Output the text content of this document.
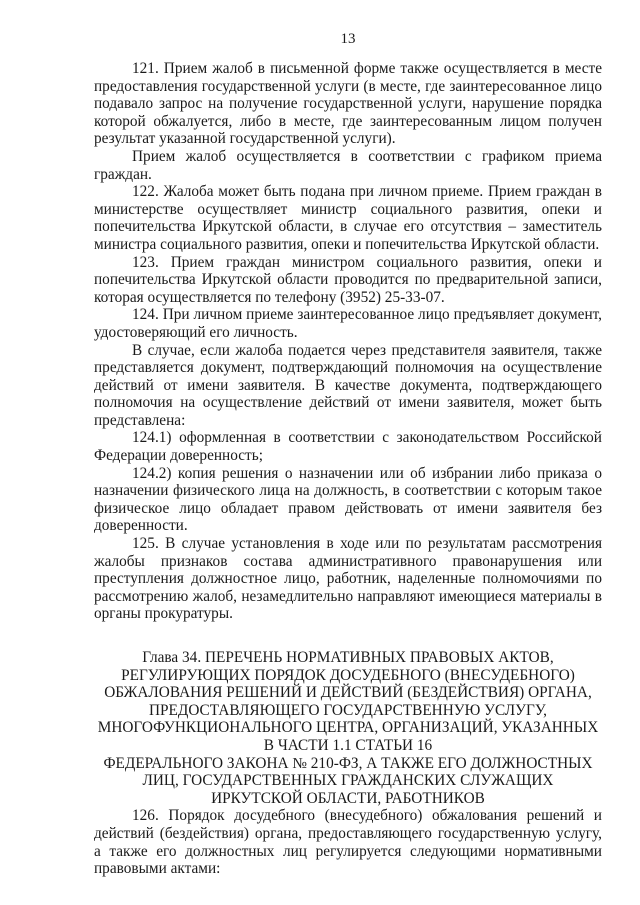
13

121. Прием жалоб в письменной форме также осуществляется в месте предоставления государственной услуги (в месте, где заинтересованное лицо подавало запрос на получение государственной услуги, нарушение порядка которой обжалуется, либо в месте, где заинтересованным лицом получен результат указанной государственной услуги).

Прием жалоб осуществляется в соответствии с графиком приема граждан.

122. Жалоба может быть подана при личном приеме. Прием граждан в министерстве осуществляет министр социального развития, опеки и попечительства Иркутской области, в случае его отсутствия – заместитель министра социального развития, опеки и попечительства Иркутской области.

123. Прием граждан министром социального развития, опеки и попечительства Иркутской области проводится по предварительной записи, которая осуществляется по телефону (3952) 25-33-07.

124. При личном приеме заинтересованное лицо предъявляет документ, удостоверяющий его личность.

В случае, если жалоба подается через представителя заявителя, также представляется документ, подтверждающий полномочия на осуществление действий от имени заявителя. В качестве документа, подтверждающего полномочия на осуществление действий от имени заявителя, может быть представлена:

124.1) оформленная в соответствии с законодательством Российской Федерации доверенность;

124.2) копия решения о назначении или об избрании либо приказа о назначении физического лица на должность, в соответствии с которым такое физическое лицо обладает правом действовать от имени заявителя без доверенности.

125. В случае установления в ходе или по результатам рассмотрения жалобы признаков состава административного правонарушения или преступления должностное лицо, работник, наделенные полномочиями по рассмотрению жалоб, незамедлительно направляют имеющиеся материалы в органы прокуратуры.

Глава 34. ПЕРЕЧЕНЬ НОРМАТИВНЫХ ПРАВОВЫХ АКТОВ,
РЕГУЛИРУЮЩИХ ПОРЯДОК ДОСУДЕБНОГО (ВНЕСУДЕБНОГО)
ОБЖАЛОВАНИЯ РЕШЕНИЙ И ДЕЙСТВИЙ (БЕЗДЕЙСТВИЯ) ОРГАНА,
ПРЕДОСТАВЛЯЮЩЕГО ГОСУДАРСТВЕННУЮ УСЛУГУ,
МНОГОФУНКЦИОНАЛЬНОГО ЦЕНТРА, ОРГАНИЗАЦИЙ, УКАЗАННЫХ
В ЧАСТИ 1.1 СТАТЬИ 16
ФЕДЕРАЛЬНОГО ЗАКОНА № 210-ФЗ, А ТАКЖЕ ЕГО ДОЛЖНОСТНЫХ
ЛИЦ, ГОСУДАРСТВЕННЫХ ГРАЖДАНСКИХ СЛУЖАЩИХ
ИРКУТСКОЙ ОБЛАСТИ, РАБОТНИКОВ

126. Порядок досудебного (внесудебного) обжалования решений и действий (бездействия) органа, предоставляющего государственную услугу, а также его должностных лиц регулируется следующими нормативными правовыми актами:
